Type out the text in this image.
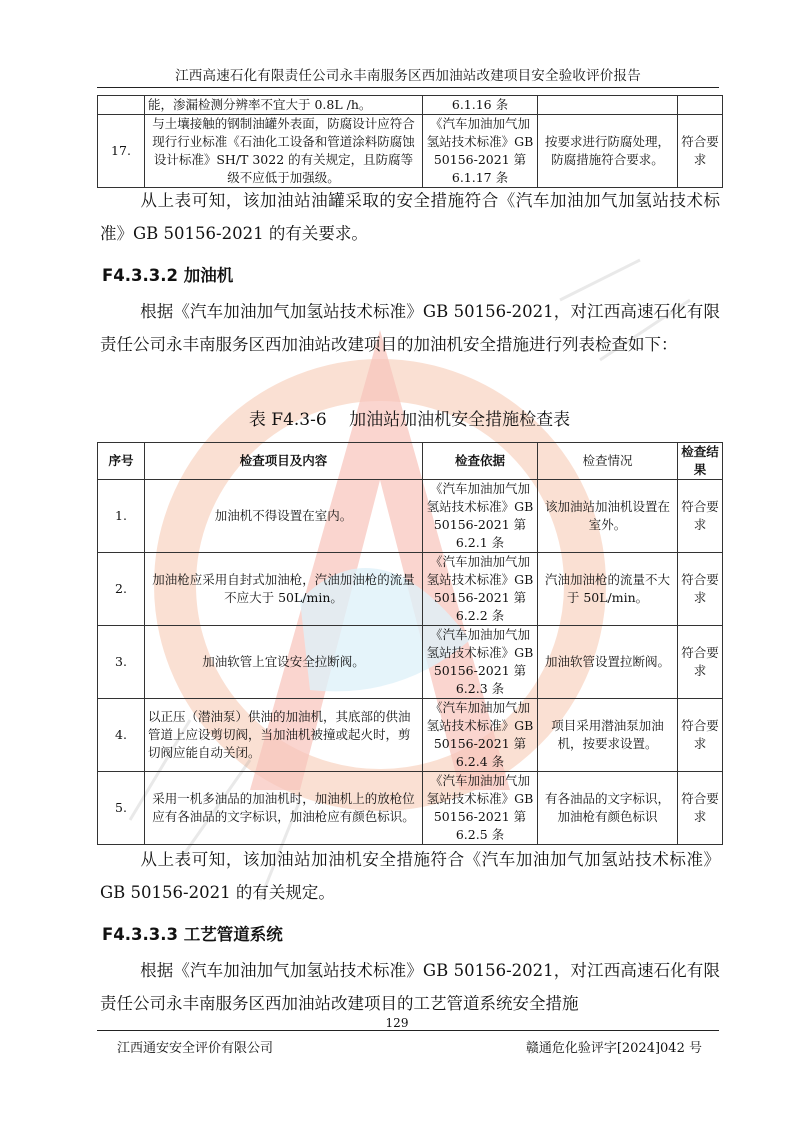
江西高速石化有限责任公司永丰南服务区西加油站改建项目安全验收评价报告
	能，渗漏检测分辨率不宜大于 0.8L /h。	6.1.16 条		
17.	与土壤接触的钢制油罐外表面，防腐设计应符合现行行业标准《石油化工设备和管道涂料防腐蚀设计标准》SH/T 3022 的有关规定，且防腐等级不应低于加强级。	《汽车加油加气加氢站技术标准》GB 50156-2021 第 6.1.17 条	按要求进行防腐处理，防腐措施符合要求。	符合要求
从上表可知，该加油站油罐采取的安全措施符合《汽车加油加气加氢站技术标准》GB 50156-2021 的有关要求。
F4.3.3.2 加油机
根据《汽车加油加气加氢站技术标准》GB 50156-2021，对江西高速石化有限责任公司永丰南服务区西加油站改建项目的加油机安全措施进行列表检查如下：
表 F4.3-6　 加油站加油机安全措施检查表
序号	检查项目及内容	检查依据	检查情况	检查结果
1.	加油机不得设置在室内。	《汽车加油加气加氢站技术标准》GB 50156-2021 第 6.2.1 条	该加油站加油机设置在室外。	符合要求
2.	加油枪应采用自封式加油枪，汽油加油枪的流量不应大于 50L/min。	《汽车加油加气加氢站技术标准》GB 50156-2021 第 6.2.2 条	汽油加油枪的流量不大于 50L/min。	符合要求
3.	加油软管上宜设安全拉断阀。	《汽车加油加气加氢站技术标准》GB 50156-2021 第 6.2.3 条	加油软管设置拉断阀。	符合要求
4.	以正压（潜油泵）供油的加油机，其底部的供油管道上应设剪切阀，当加油机被撞或起火时，剪切阀应能自动关闭。	《汽车加油加气加氢站技术标准》GB 50156-2021 第 6.2.4 条	项目采用潜油泵加油机，按要求设置。	符合要求
5.	采用一机多油品的加油机时，加油机上的放枪位应有各油品的文字标识，加油枪应有颜色标识。	《汽车加油加气加氢站技术标准》GB 50156-2021 第 6.2.5 条	有各油品的文字标识，加油枪有颜色标识	符合要求
从上表可知，该加油站加油机安全措施符合《汽车加油加气加氢站技术标准》GB 50156-2021 的有关规定。
F4.3.3.3 工艺管道系统
根据《汽车加油加气加氢站技术标准》GB 50156-2021，对江西高速石化有限责任公司永丰南服务区西加油站改建项目的工艺管道系统安全措施
129
江西通安安全评价有限公司	赣通危化验评字[2024]042 号
